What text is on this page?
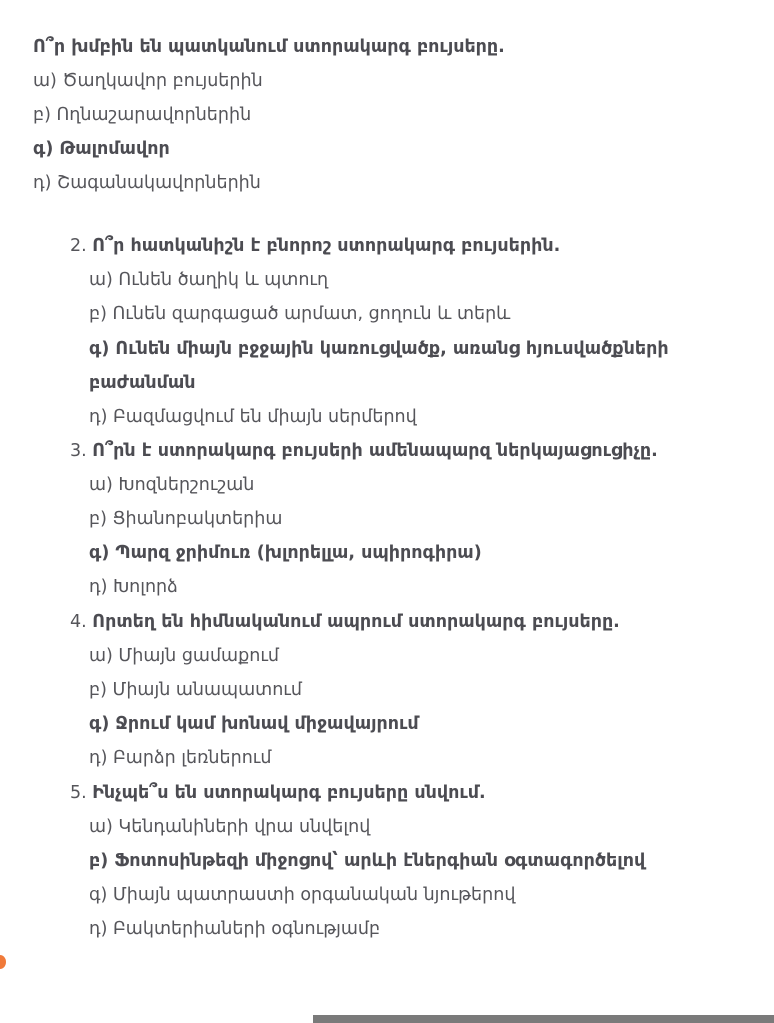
Ո՞ր խմբին են պատկանում ստորակարգ բույսերը.
ա) Ծաղկավոր բույսերին
բ) Ողնաշարավորներին
գ) Թալոմավոր
դ) Շագանակավորներին
2. Ո՞ր հատկանիշն է բնորոշ ստորակարգ բույսերին.
ա) Ունեն ծաղիկ և պտուղ
բ) Ունեն զարգացած արմատ, ցողուն և տերև
գ) Ունեն միայն բջջային կառուցվածք, առանց հյուսվածքների
բաժանման
դ) Բազմացվում են միայն սերմերով
3. Ո՞րն է ստորակարգ բույսերի ամենապարզ ներկայացուցիչը.
ա) Խոզներշուշան
բ) Ցիանոբակտերիա
գ) Պարզ ջրիմուռ (խլորելլա, սպիրոգիրա)
դ) Խոլորձ
4. Որտեղ են հիմնականում ապրում ստորակարգ բույսերը.
ա) Միայն ցամաքում
բ) Միայն անապատում
գ) Ջրում կամ խոնավ միջավայրում
դ) Բարձր լեռներում
5. Ինչպե՞ս են ստորակարգ բույսերը սնվում.
ա) Կենդանիների վրա սնվելով
բ) Ֆոտոսինթեզի միջոցով՝ արևի էներգիան օգտագործելով
գ) Միայն պատրաստի օրգանական նյութերով
դ) Բակտերիաների օգնությամբ
